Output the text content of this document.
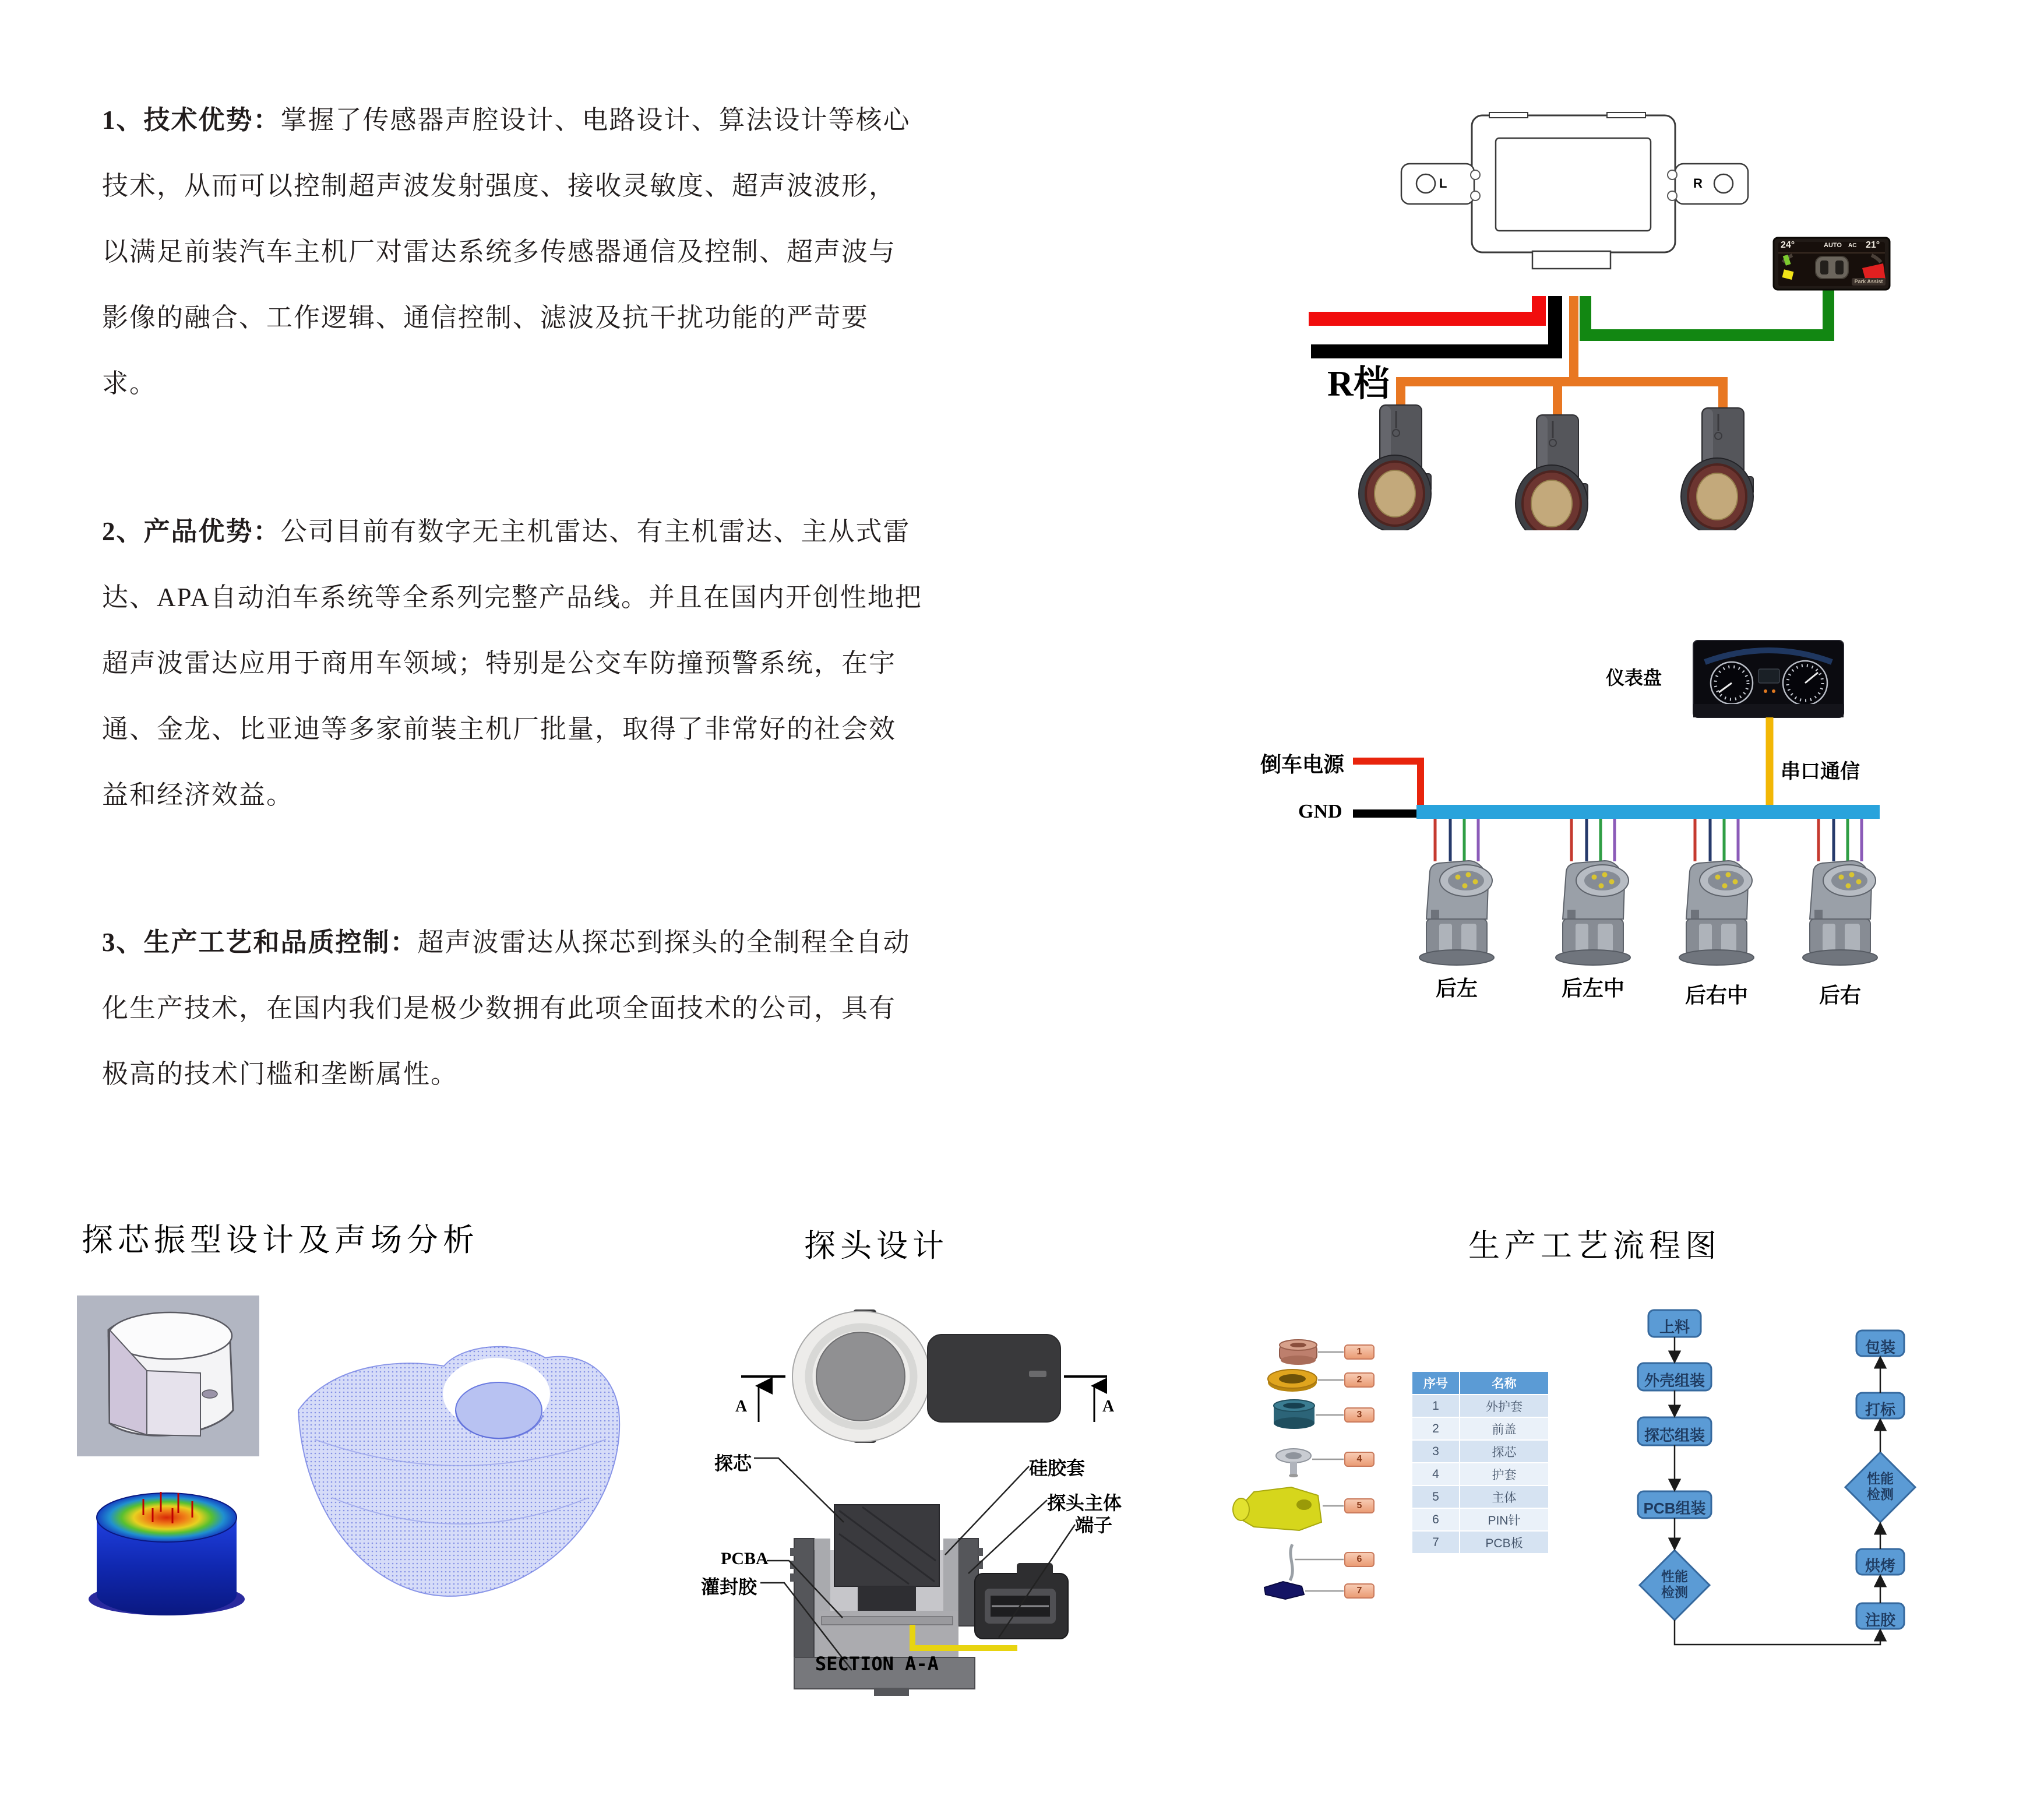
1、技术优势：掌握了传感器声腔设计、电路设计、算法设计等核心
技术，从而可以控制超声波发射强度、接收灵敏度、超声波波形，
以满足前装汽车主机厂对雷达系统多传感器通信及控制、超声波与
影像的融合、工作逻辑、通信控制、滤波及抗干扰功能的严苛要
求。
2、产品优势：公司目前有数字无主机雷达、有主机雷达、主从式雷
达、APA自动泊车系统等全系列完整产品线。并且在国内开创性地把
超声波雷达应用于商用车领域；特别是公交车防撞预警系统，在宇
通、金龙、比亚迪等多家前装主机厂批量，取得了非常好的社会效
益和经济效益。
3、生产工艺和品质控制：超声波雷达从探芯到探头的全制程全自动
化生产技术，在国内我们是极少数拥有此项全面技术的公司，具有
极高的技术门槛和垄断属性。
R档
L	R
24°	AUTO AC 21°
Park Assist
仪表盘
倒车电源
GND
串口通信
后左	后左中	后右中	后右
探芯振型设计及声场分析	探头设计
探芯	硅胶套
探头主体
端子
PCBA
灌封胶
SECTION A-A
A	A
生产工艺流程图
序号	名称
1	外护套
2	前盖
3	探芯
4	护套
5	主体
6	PIN针
7	PCB板
1
2
3
4
5
6
7
上料
外壳组装
探芯组装
PCB组装
性能检测
包装
打标
性能检测
烘烤
注胶
